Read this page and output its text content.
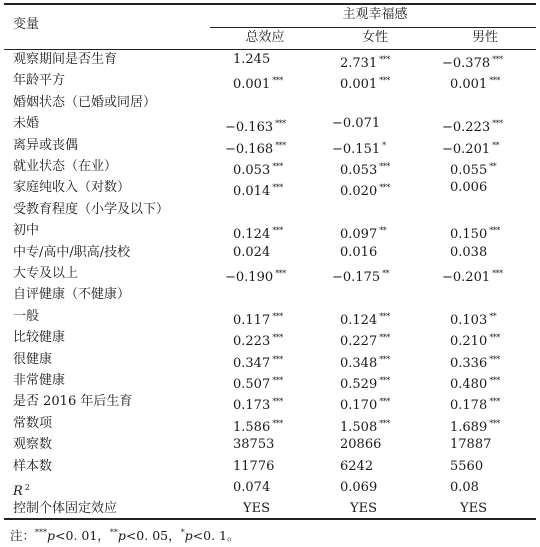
变量
主观幸福感
总效应	女性	男性
观察期间是否生育	1.245	2.731 ***	−0.378 ***
年龄平方	0.001 ***	0.001 ***	0.001 ***
婚姻状态（已婚或同居）
未婚	−0.163 ***	−0.071	−0.223 ***
离异或丧偶	−0.168 ***	−0.151 *	−0.201 **
就业状态（在业）	0.053 ***	0.053 ***	0.055 **
家庭纯收入（对数）	0.014 ***	0.020 ***	0.006
受教育程度（小学及以下）
初中	0.124 ***	0.097 **	0.150 ***
中专/高中/职高/技校	0.024	0.016	0.038
大专及以上	−0.190 ***	−0.175 **	−0.201 ***
自评健康（不健康）
一般	0.117 ***	0.124 ***	0.103 **
比较健康	0.223 ***	0.227 ***	0.210 ***
很健康	0.347 ***	0.348 ***	0.336 ***
非常健康	0.507 ***	0.529 ***	0.480 ***
是否 2016 年后生育	0.173 ***	0.170 ***	0.178 ***
常数项	1.586 ***	1.508 ***	1.689 ***
观察数	38753	20866	17887
样本数	11776	6242	5560
R $^2$	0.074	0.069	0.08
控制个体固定效应	YES	YES	YES
注：***p<0. 01，**p<0. 05，*p<0. 1。
